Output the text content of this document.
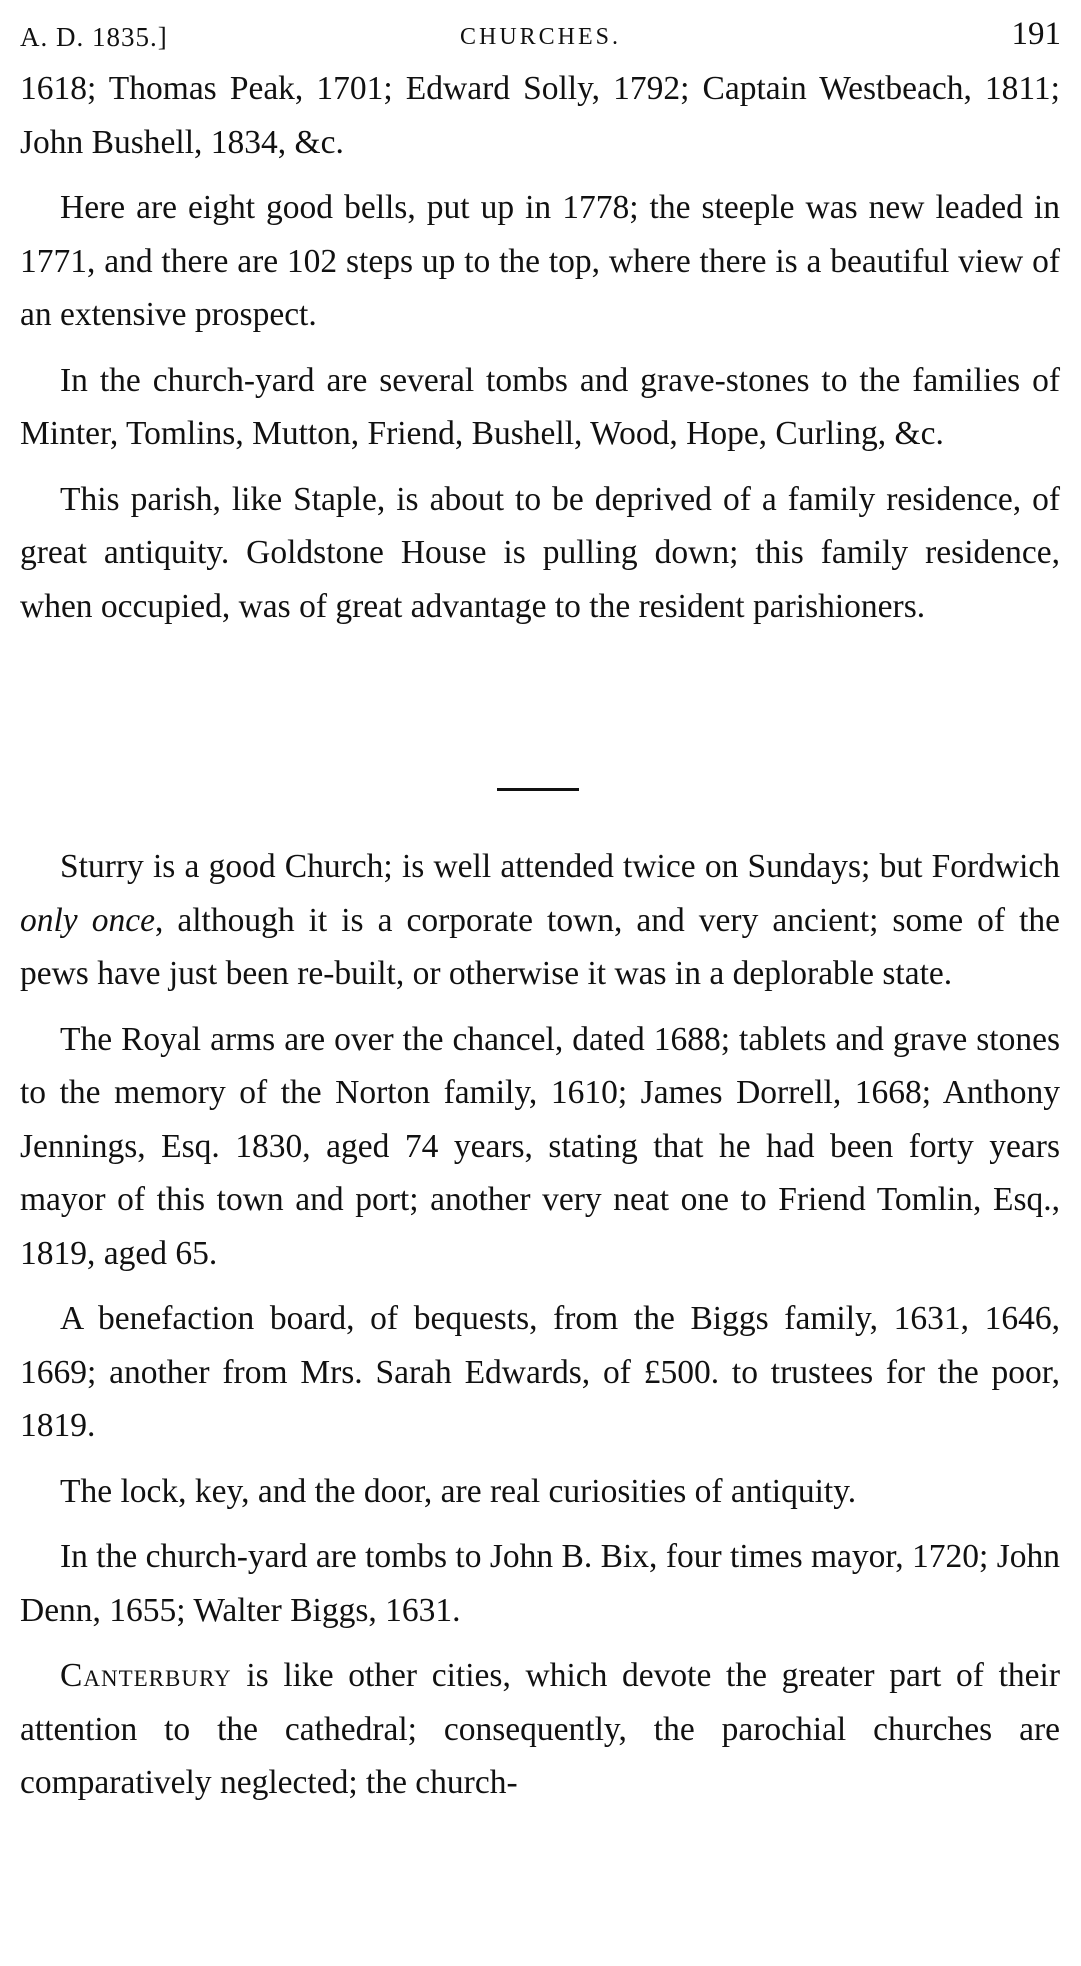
A. D. 1835.]	CHURCHES.	191

1618; Thomas Peak, 1701; Edward Solly, 1792; Captain Westbeach, 1811; John Bushell, 1834, &c.

Here are eight good bells, put up in 1778; the steeple was new leaded in 1771, and there are 102 steps up to the top, where there is a beautiful view of an extensive prospect.

In the church-yard are several tombs and grave-stones to the families of Minter, Tomlins, Mutton, Friend, Bushell, Wood, Hope, Curling, &c.

This parish, like Staple, is about to be deprived of a family residence, of great antiquity. Goldstone House is pulling down; this family residence, when occupied, was of great advantage to the resident parishioners.

Sturry is a good Church; is well attended twice on Sundays; but Fordwich only once, although it is a corporate town, and very ancient; some of the pews have just been re-built, or otherwise it was in a deplorable state.

The Royal arms are over the chancel, dated 1688; tablets and grave stones to the memory of the Norton family, 1610; James Dorrell, 1668; Anthony Jennings, Esq. 1830, aged 74 years, stating that he had been forty years mayor of this town and port; another very neat one to Friend Tomlin, Esq., 1819, aged 65.

A benefaction board, of bequests, from the Biggs family, 1631, 1646, 1669; another from Mrs. Sarah Edwards, of £500. to trustees for the poor, 1819.

The lock, key, and the door, are real curiosities of antiquity.

In the church-yard are tombs to John B. Bix, four times mayor, 1720; John Denn, 1655; Walter Biggs, 1631.

Canterbury is like other cities, which devote the greater part of their attention to the cathedral; consequently, the parochial churches are comparatively neglected; the church-
